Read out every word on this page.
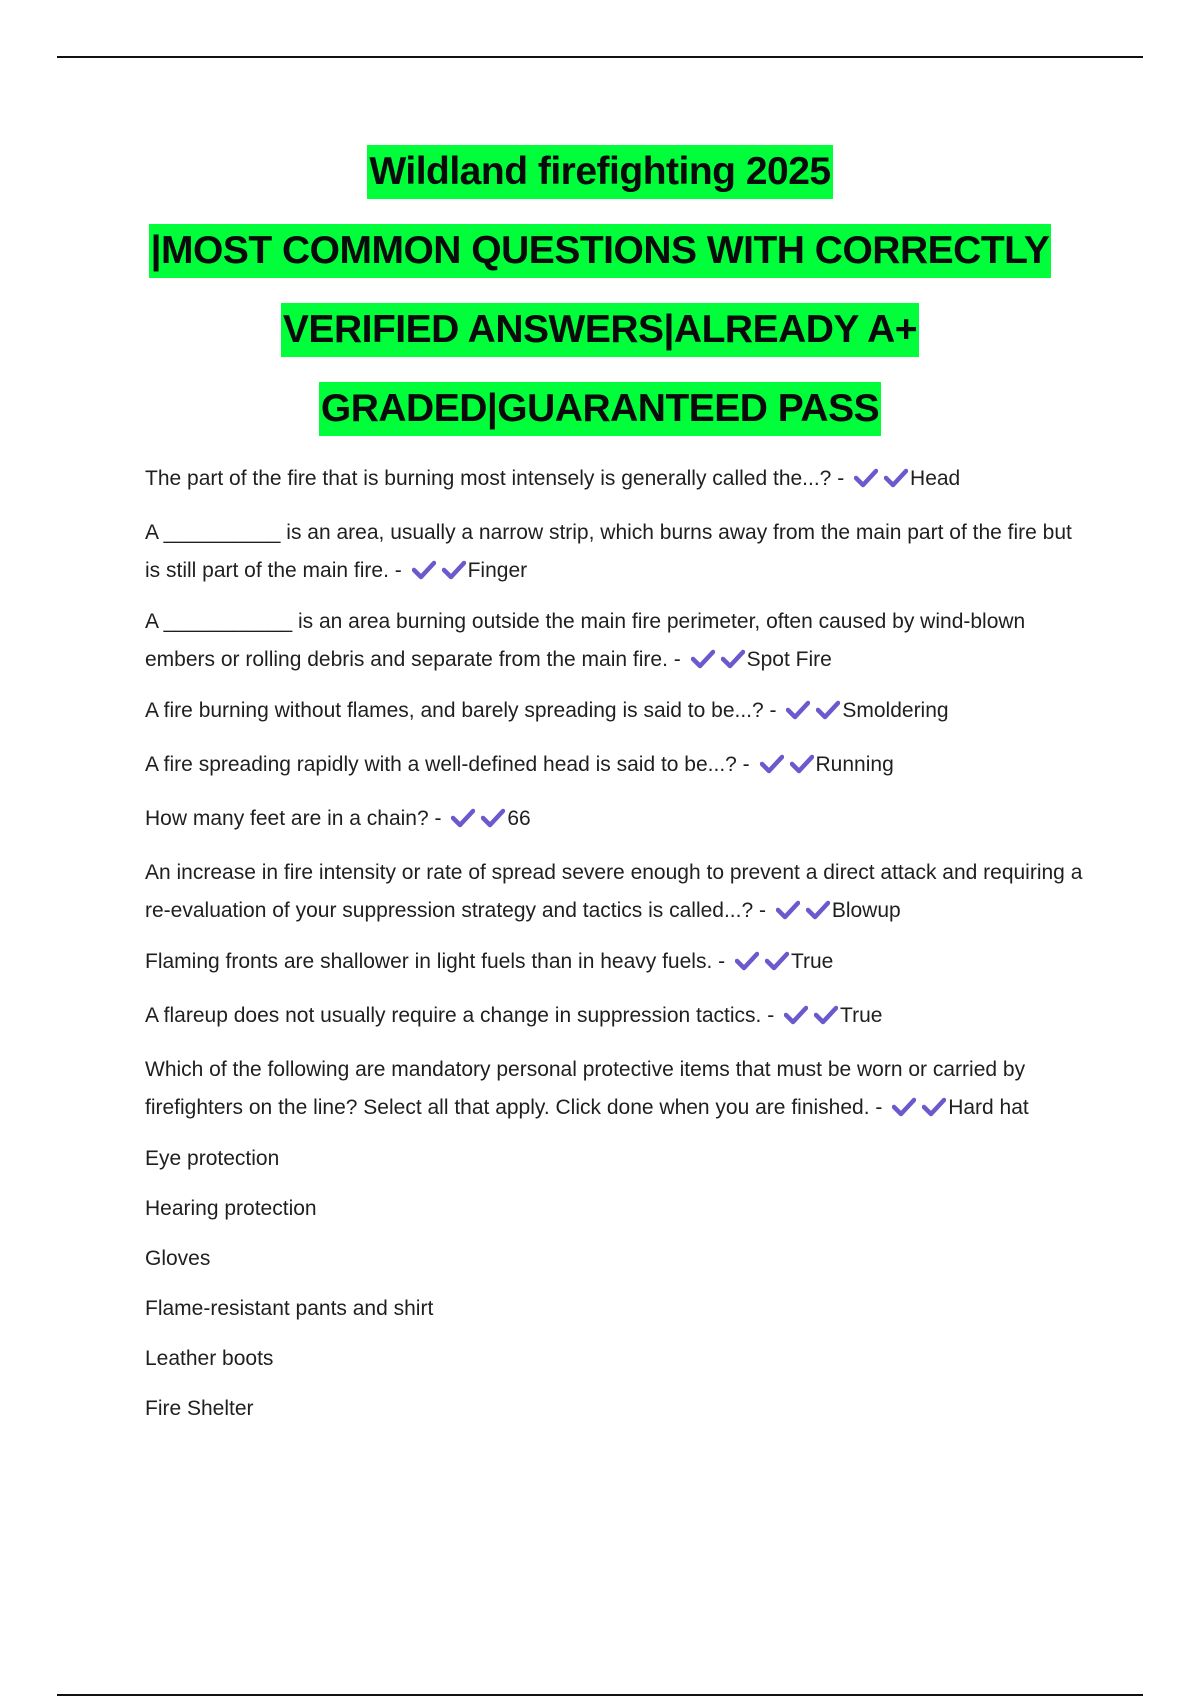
Wildland firefighting 2025
|MOST COMMON QUESTIONS WITH CORRECTLY
VERIFIED ANSWERS|ALREADY A+
GRADED|GUARANTEED PASS
The part of the fire that is burning most intensely is generally called the...? -	Head
A __________ is an area, usually a narrow strip, which burns away from the main part of the fire but is still part of the main fire. -	Finger
A ___________ is an area burning outside the main fire perimeter, often caused by wind-blown embers or rolling debris and separate from the main fire. -	Spot Fire
A fire burning without flames, and barely spreading is said to be...? -	Smoldering
A fire spreading rapidly with a well-defined head is said to be...? -	Running
How many feet are in a chain? -	66
An increase in fire intensity or rate of spread severe enough to prevent a direct attack and requiring a re-evaluation of your suppression strategy and tactics is called...? -	Blowup
Flaming fronts are shallower in light fuels than in heavy fuels. -	True
A flareup does not usually require a change in suppression tactics. -	True
Which of the following are mandatory personal protective items that must be worn or carried by firefighters on the line? Select all that apply. Click done when you are finished. -	Hard hat
Eye protection
Hearing protection
Gloves
Flame-resistant pants and shirt
Leather boots
Fire Shelter
